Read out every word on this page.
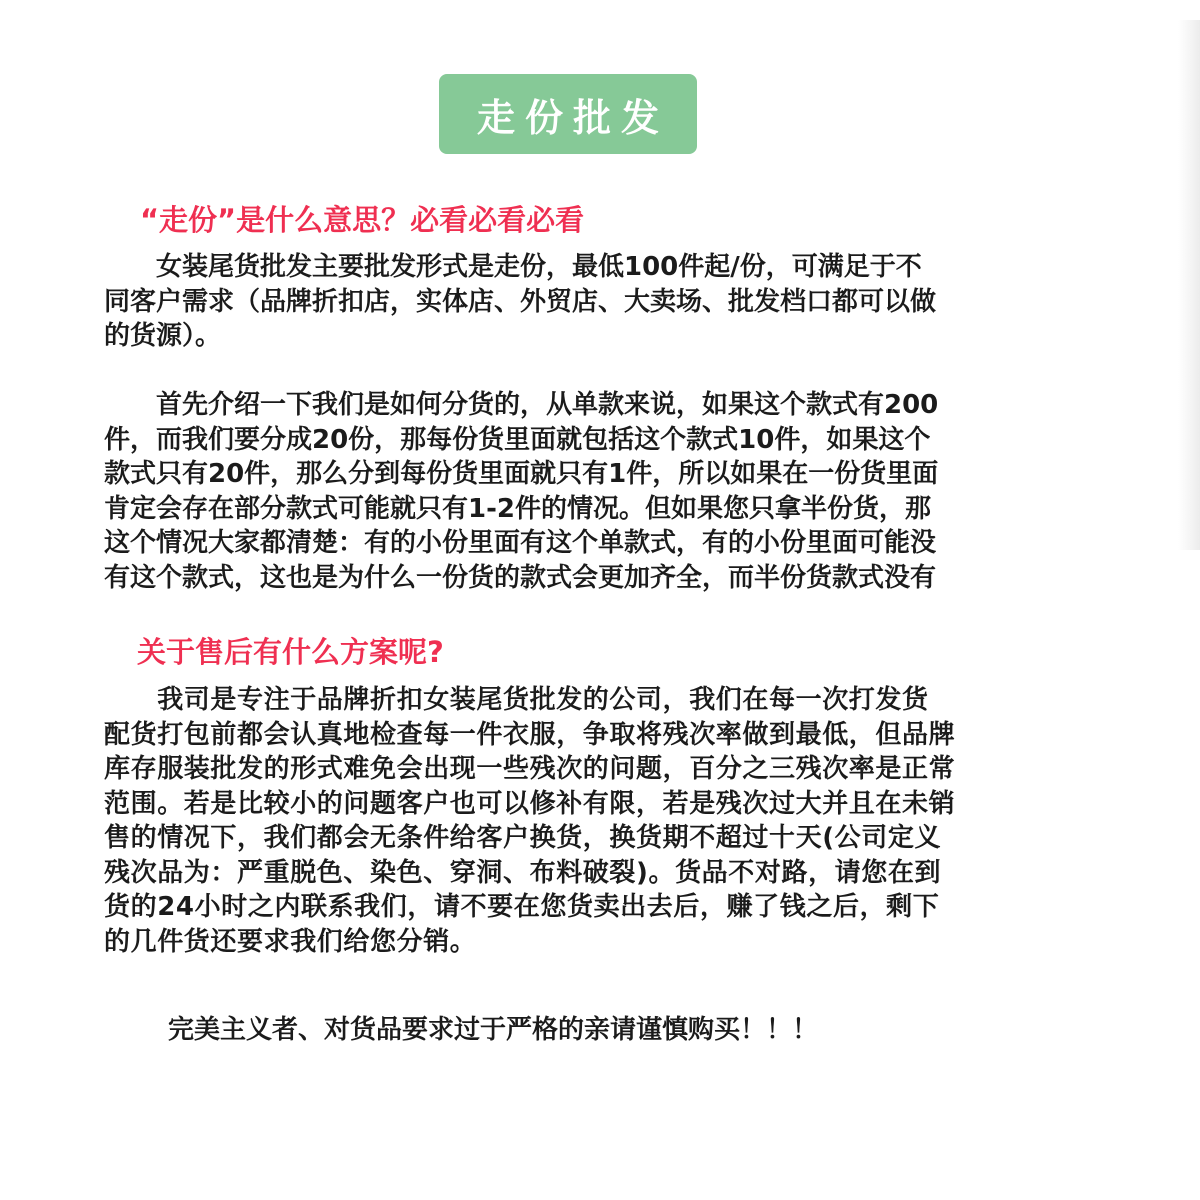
走份批发
“走份”是什么意思？必看必看必看
　　女装尾货批发主要批发形式是走份，最低100件起/份，可满足于不
同客户需求（品牌折扣店，实体店、外贸店、大卖场、批发档口都可以做
的货源）。
　　首先介绍一下我们是如何分货的，从单款来说，如果这个款式有200
件，而我们要分成20份，那每份货里面就包括这个款式10件，如果这个
款式只有20件，那么分到每份货里面就只有1件，所以如果在一份货里面
肯定会存在部分款式可能就只有1-2件的情况。但如果您只拿半份货，那
这个情况大家都清楚：有的小份里面有这个单款式，有的小份里面可能没
有这个款式，这也是为什么一份货的款式会更加齐全，而半份货款式没有
关于售后有什么方案呢?
　　我司是专注于品牌折扣女装尾货批发的公司，我们在每一次打发货
配货打包前都会认真地检查每一件衣服，争取将残次率做到最低，但品牌
库存服装批发的形式难免会出现一些残次的问题，百分之三残次率是正常
范围。若是比较小的问题客户也可以修补有限，若是残次过大并且在未销
售的情况下，我们都会无条件给客户换货，换货期不超过十天(公司定义
残次品为：严重脱色、染色、穿洞、布料破裂)。货品不对路，请您在到
货的24小时之内联系我们，请不要在您货卖出去后，赚了钱之后，剩下
的几件货还要求我们给您分销。
完美主义者、对货品要求过于严格的亲请谨慎购买！！！
